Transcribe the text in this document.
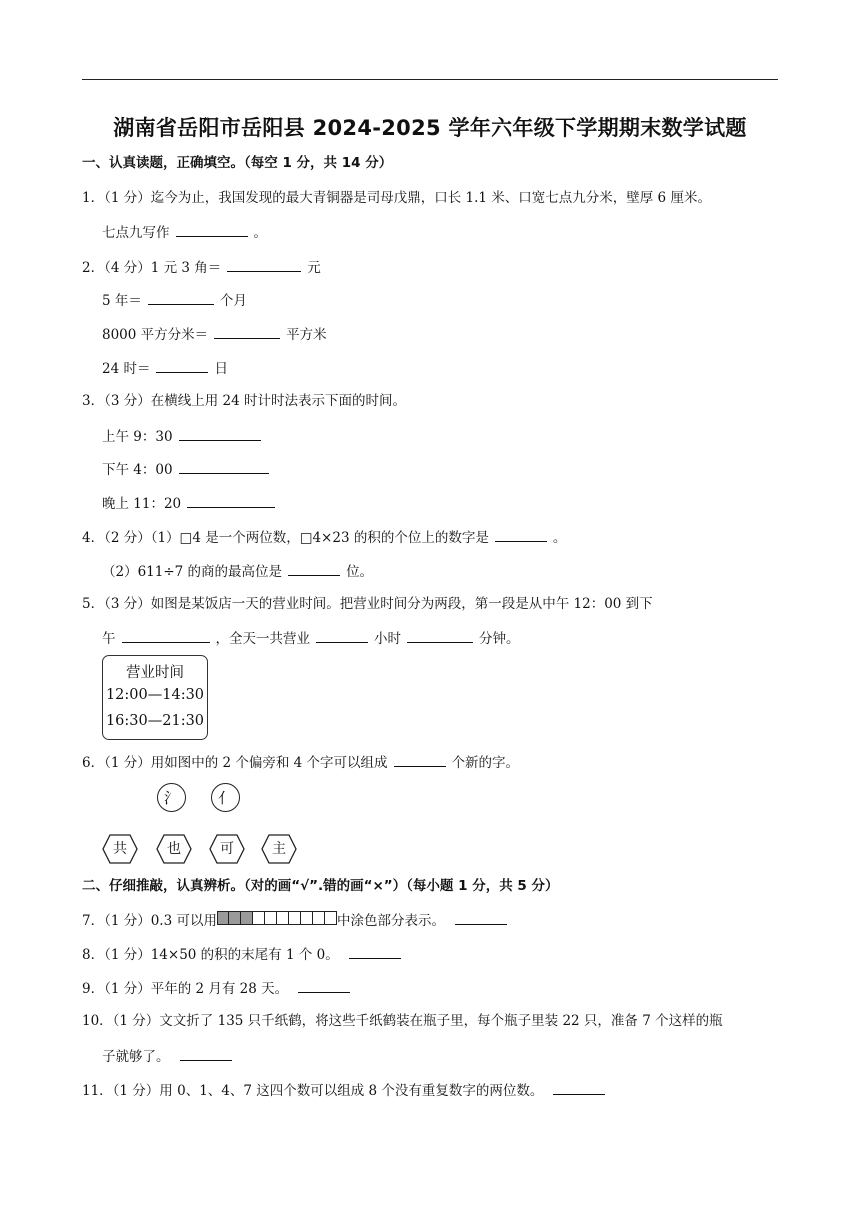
湖南省岳阳市岳阳县 2024-2025 学年六年级下学期期末数学试题
一、认真读题，正确填空。（每空 1 分，共 14 分）
1．（1 分）迄今为止，我国发现的最大青铜器是司母戊鼎，口长 1.1 米、口宽七点九分米，壁厚 6 厘米。
七点九写作	。
2．（4 分）1 元 3 角＝	元
5 年＝	个月
8000 平方分米＝	平方米
24 时＝	日
3．（3 分）在横线上用 24 时计时法表示下面的时间。
上午 9：30
下午 4：00
晚上 11：20
4．（2 分）（1）□4 是一个两位数，□4×23 的积的个位上的数字是	。
（2）611÷7 的商的最高位是	位。
5．（3 分）如图是某饭店一天的营业时间。把营业时间分为两段，第一段是从中午 12：00 到下
午	，全天一共营业	小时	分钟。
营业时间
12:00—14:30
16:30—21:30
6．（1 分）用如图中的 2 个偏旁和 4 个字可以组成	个新的字。
氵	亻
共	也	可	主
二、仔细推敲，认真辨析。（对的画“√”.错的画“×”）（每小题 1 分，共 5 分）
7．（1 分）0.3 可以用	中涂色部分表示。
8．（1 分）14×50 的积的末尾有 1 个 0。
9．（1 分）平年的 2 月有 28 天。
10．（1 分）文文折了 135 只千纸鹤，将这些千纸鹤装在瓶子里，每个瓶子里装 22 只，准备 7 个这样的瓶
子就够了。
11．（1 分）用 0、1、4、7 这四个数可以组成 8 个没有重复数字的两位数。
